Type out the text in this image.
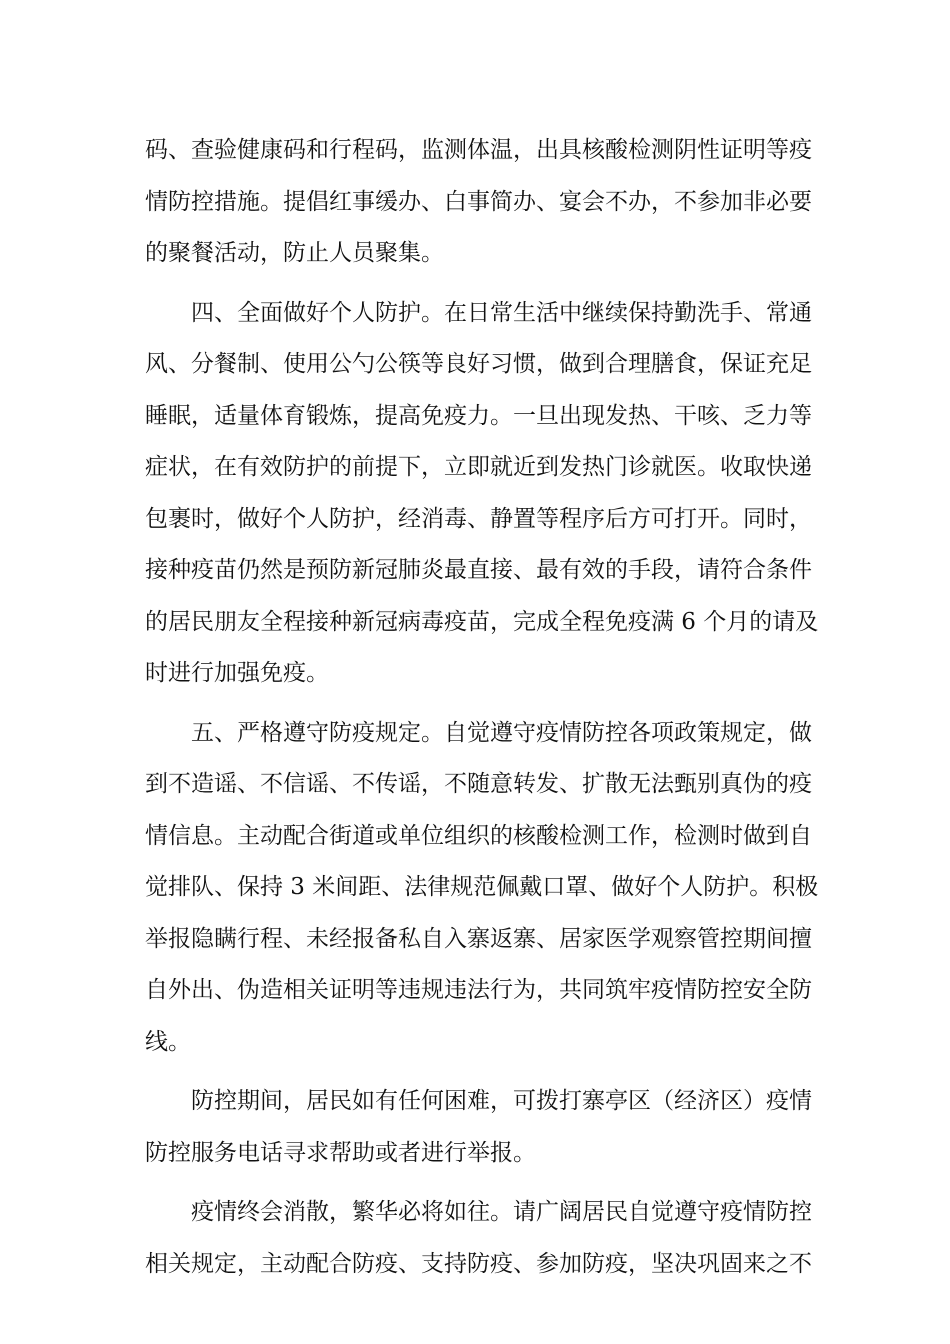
码、查验健康码和行程码，监测体温，出具核酸检测阴性证明等疫
情防控措施。提倡红事缓办、白事简办、宴会不办，不参加非必要
的聚餐活动，防止人员聚集。
四、全面做好个人防护。在日常生活中继续保持勤洗手、常通
风、分餐制、使用公勺公筷等良好习惯，做到合理膳食，保证充足
睡眠，适量体育锻炼，提高免疫力。一旦出现发热、干咳、乏力等
症状，在有效防护的前提下，立即就近到发热门诊就医。收取快递
包裹时，做好个人防护，经消毒、静置等程序后方可打开。同时，
接种疫苗仍然是预防新冠肺炎最直接、最有效的手段，请符合条件
的居民朋友全程接种新冠病毒疫苗，完成全程免疫满 6 个月的请及
时进行加强免疫。
五、严格遵守防疫规定。自觉遵守疫情防控各项政策规定，做
到不造谣、不信谣、不传谣，不随意转发、扩散无法甄别真伪的疫
情信息。主动配合街道或单位组织的核酸检测工作，检测时做到自
觉排队、保持 3 米间距、法律规范佩戴口罩、做好个人防护。积极
举报隐瞒行程、未经报备私自入寨返寨、居家医学观察管控期间擅
自外出、伪造相关证明等违规违法行为，共同筑牢疫情防控安全防
线。
防控期间，居民如有任何困难，可拨打寨亭区（经济区）疫情
防控服务电话寻求帮助或者进行举报。
疫情终会消散，繁华必将如往。请广阔居民自觉遵守疫情防控
相关规定，主动配合防疫、支持防疫、参加防疫，坚决巩固来之不
